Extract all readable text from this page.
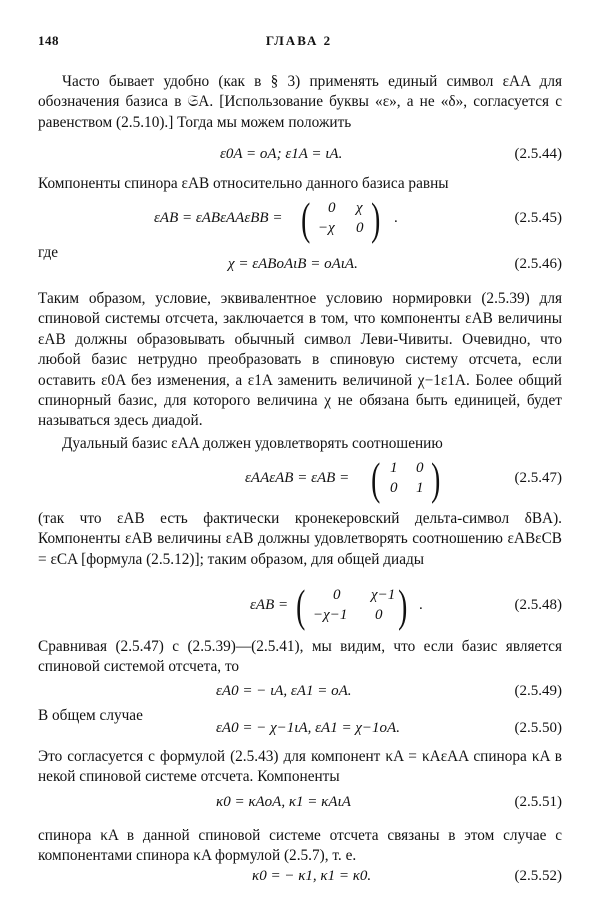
148	ГЛАВА 2
Часто бывает удобно (как в § 3) применять единый символ εAA для обозначения базиса в 𝔖A. [Использование буквы «ε», а не «δ», согласуется с равенством (2.5.10).] Тогда мы можем положить
ε0A = oA; ε1A = ιA.	(2.5.44)
Компоненты спинора εAB относительно данного базиса равны
εAB = εABεAAεBB = ( 0 χ
−χ 0 ) .	(2.5.45)
где
χ = εABoAιB = oAιA.	(2.5.46)
Таким образом, условие, эквивалентное условию нормировки (2.5.39) для спиновой системы отсчета, заключается в том, что компоненты εAB величины εAB должны образовывать обычный символ Леви-Чивиты. Очевидно, что любой базис нетрудно преобразовать в спиновую систему отсчета, если оставить ε0A без изменения, а ε1A заменить величиной χ−1ε1A. Более общий спинорный базис, для которого величина χ не обязана быть единицей, будет называться здесь диадой.
Дуальный базис εAA должен удовлетворять соотношению
εAAεAB = εAB = ( 1 0
0 1 )	(2.5.47)
(так что εAB есть фактически кронекеровский дельта-символ δBA). Компоненты εAB величины εAB должны удовлетворять соотношению εABεCB = εCA [формула (2.5.12)]; таким образом, для общей диады
εAB = ( 0 χ−1
−χ−1 0 ) .	(2.5.48)
Сравнивая (2.5.47) с (2.5.39)—(2.5.41), мы видим, что если базис является спиновой системой отсчета, то
εA0 = − ιA, εA1 = oA.	(2.5.49)
В общем случае
εA0 = − χ−1ιA, εA1 = χ−1oA.	(2.5.50)
Это согласуется с формулой (2.5.43) для компонент κA = κAεAA спинора κA в некой спиновой системе отсчета. Компоненты
κ0 = κAoA, κ1 = κAιA	(2.5.51)
спинора κA в данной спиновой системе отсчета связаны в этом случае с компонентами спинора κA формулой (2.5.7), т. е.
κ0 = − κ1, κ1 = κ0.	(2.5.52)
